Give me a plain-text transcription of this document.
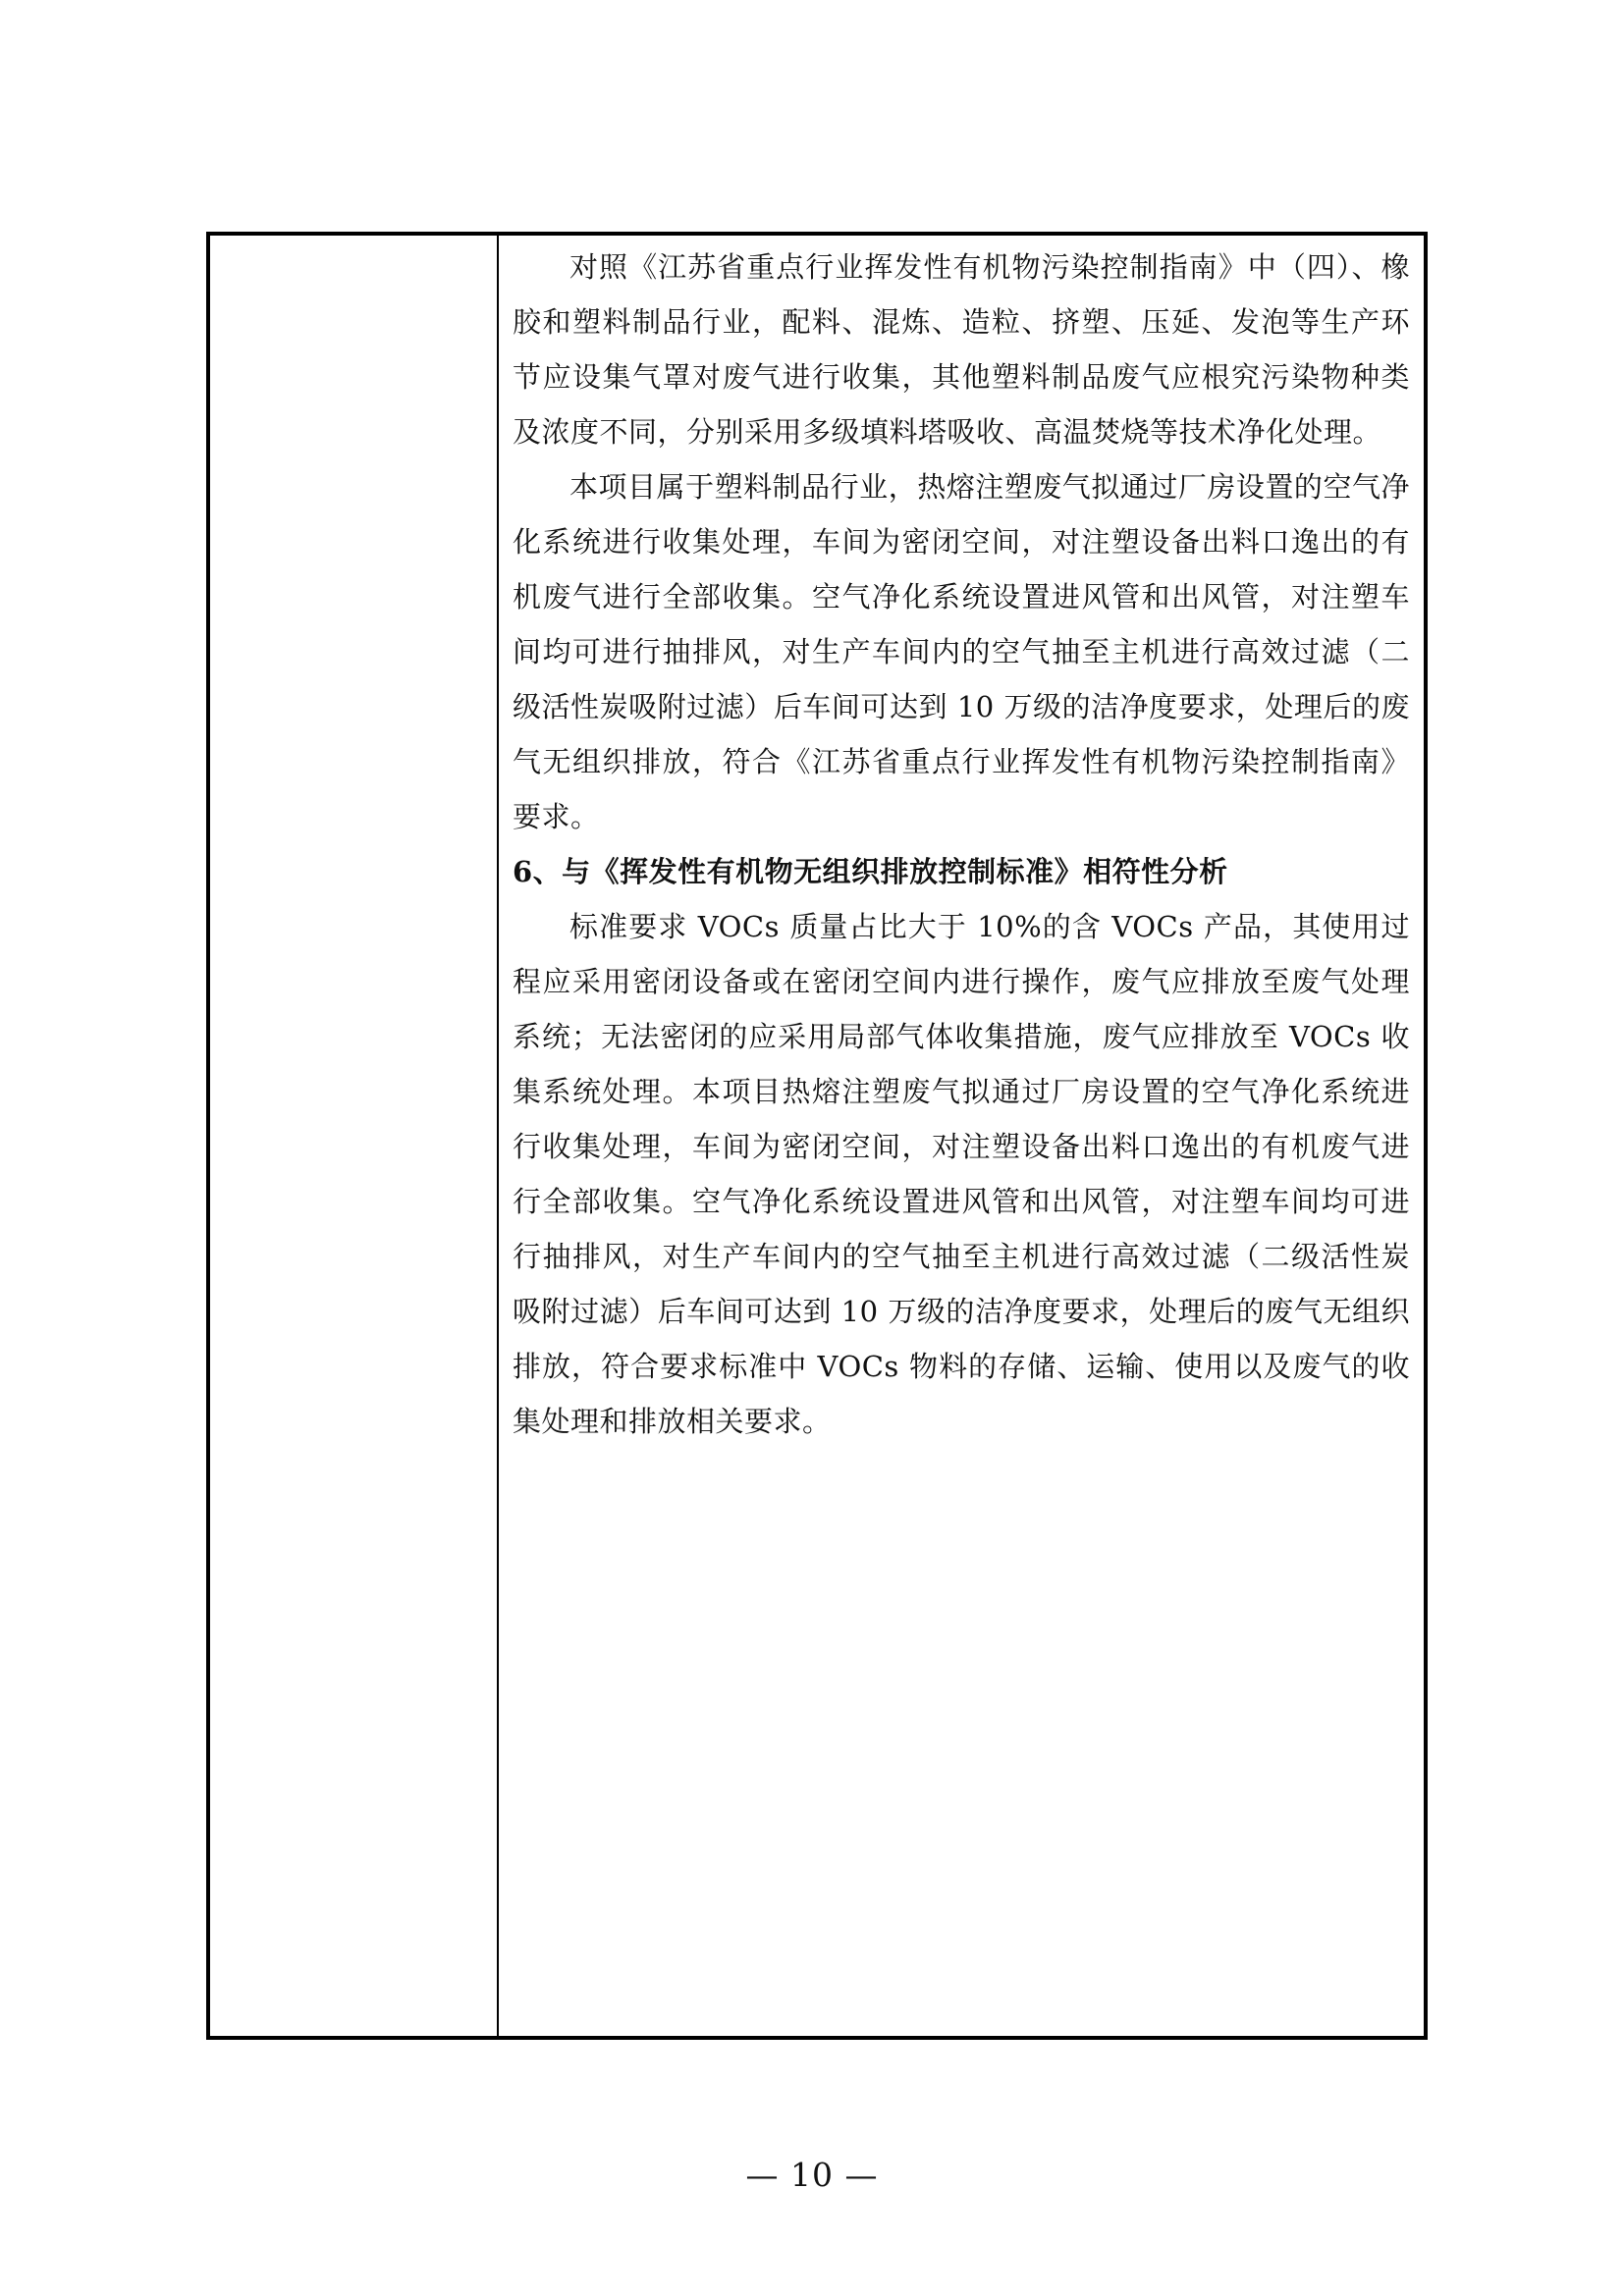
对照《江苏省重点行业挥发性有机物污染控制指南》中（四）、橡胶和塑料制品行业，配料、混炼、造粒、挤塑、压延、发泡等生产环节应设集气罩对废气进行收集，其他塑料制品废气应根究污染物种类及浓度不同，分别采用多级填料塔吸收、高温焚烧等技术净化处理。

本项目属于塑料制品行业，热熔注塑废气拟通过厂房设置的空气净化系统进行收集处理，车间为密闭空间，对注塑设备出料口逸出的有机废气进行全部收集。空气净化系统设置进风管和出风管，对注塑车间均可进行抽排风，对生产车间内的空气抽至主机进行高效过滤（二级活性炭吸附过滤）后车间可达到 10 万级的洁净度要求，处理后的废气无组织排放，符合《江苏省重点行业挥发性有机物污染控制指南》要求。

6、与《挥发性有机物无组织排放控制标准》相符性分析

标准要求 VOCs 质量占比大于 10%的含 VOCs 产品，其使用过程应采用密闭设备或在密闭空间内进行操作，废气应排放至废气处理系统；无法密闭的应采用局部气体收集措施，废气应排放至 VOCs 收集系统处理。本项目热熔注塑废气拟通过厂房设置的空气净化系统进行收集处理，车间为密闭空间，对注塑设备出料口逸出的有机废气进行全部收集。空气净化系统设置进风管和出风管，对注塑车间均可进行抽排风，对生产车间内的空气抽至主机进行高效过滤（二级活性炭吸附过滤）后车间可达到 10 万级的洁净度要求，处理后的废气无组织排放，符合要求标准中 VOCs 物料的存储、运输、使用以及废气的收集处理和排放相关要求。

— 10 —
